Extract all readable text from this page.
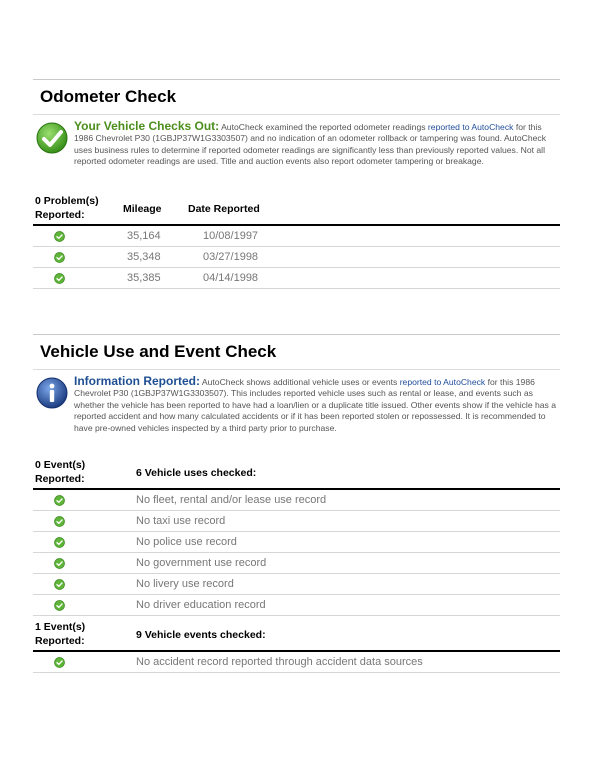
Odometer Check
Your Vehicle Checks Out: AutoCheck examined the reported odometer readings reported to AutoCheck for this 1986 Chevrolet P30 (1GBJP37W1G3303507) and no indication of an odometer rollback or tampering was found. AutoCheck uses business rules to determine if reported odometer readings are significantly less than previously reported values. Not all reported odometer readings are used. Title and auction events also report odometer tampering or breakage.
0 Problem(s)
Reported:	Mileage	Date Reported
35,164	10/08/1997
35,348	03/27/1998
35,385	04/14/1998
Vehicle Use and Event Check
Information Reported: AutoCheck shows additional vehicle uses or events reported to AutoCheck for this 1986 Chevrolet P30 (1GBJP37W1G3303507). This includes reported vehicle uses such as rental or lease, and events such as whether the vehicle has been reported to have had a loan/lien or a duplicate title issued. Other events show if the vehicle has a reported accident and how many calculated accidents or if it has been reported stolen or repossessed. It is recommended to have pre-owned vehicles inspected by a third party prior to purchase.
0 Event(s)
Reported:	6 Vehicle uses checked:
No fleet, rental and/or lease use record
No taxi use record
No police use record
No government use record
No livery use record
No driver education record
1 Event(s)
Reported:	9 Vehicle events checked:
No accident record reported through accident data sources
